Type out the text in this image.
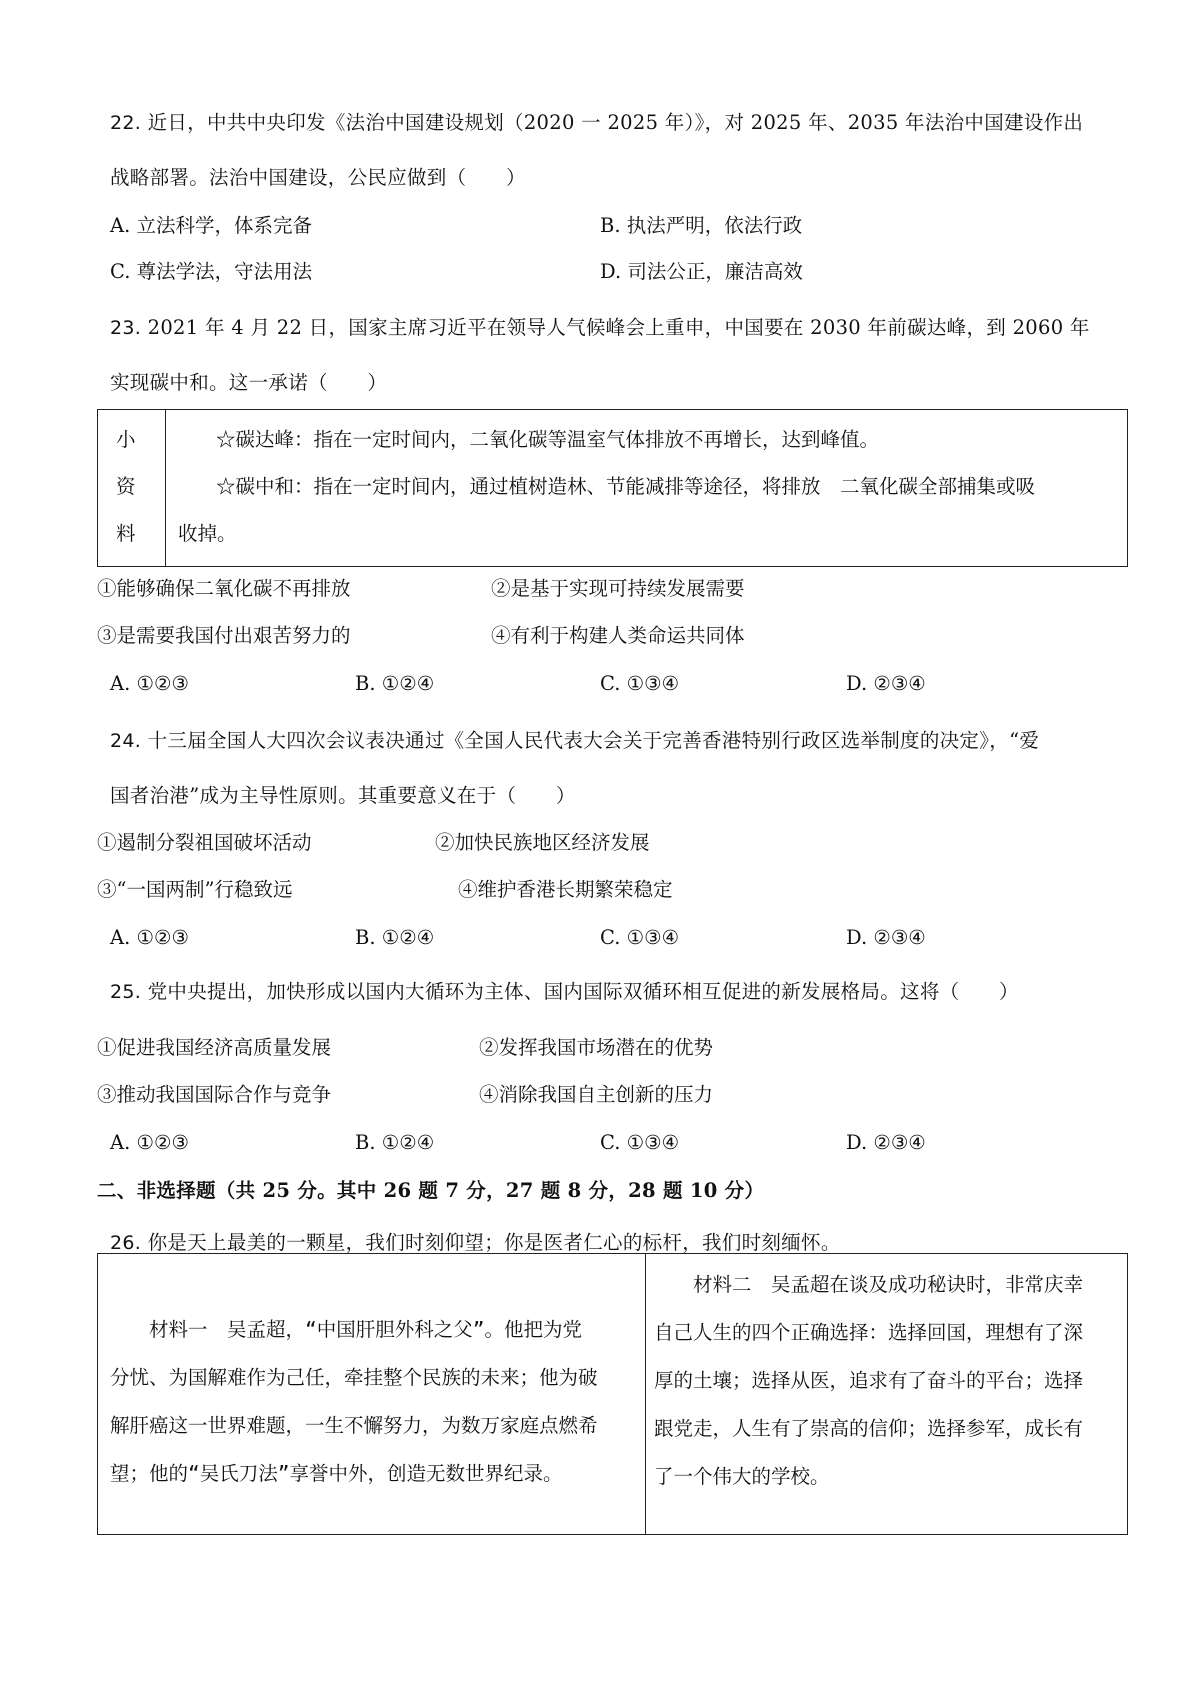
22. 近日，中共中央印发《法治中国建设规划（2020 一 2025 年）》，对 2025 年、2035 年法治中国建设作出
战略部署。法治中国建设，公民应做到（　　）
A. 立法科学，体系完备	B. 执法严明，依法行政
C. 尊法学法，守法用法	D. 司法公正，廉洁高效
23. 2021 年 4 月 22 日，国家主席习近平在领导人气候峰会上重申，中国要在 2030 年前碳达峰，到 2060 年
实现碳中和。这一承诺（　　）
小
资
料
☆碳达峰：指在一定时间内，二氧化碳等温室气体排放不再增长，达到峰值。
☆碳中和：指在一定时间内，通过植树造林、节能减排等途径，将排放　二氧化碳全部捕集或吸
收掉。
①能够确保二氧化碳不再排放	②是基于实现可持续发展需要
③是需要我国付出艰苦努力的	④有利于构建人类命运共同体
A. ①②③	B. ①②④	C. ①③④	D. ②③④
24. 十三届全国人大四次会议表决通过《全国人民代表大会关于完善香港特别行政区选举制度的决定》，“爱
国者治港”成为主导性原则。其重要意义在于（　　）
①遏制分裂祖国破坏活动	②加快民族地区经济发展
③“一国两制”行稳致远	④维护香港长期繁荣稳定
A. ①②③	B. ①②④	C. ①③④	D. ②③④
25. 党中央提出，加快形成以国内大循环为主体、国内国际双循环相互促进的新发展格局。这将（　　）
①促进我国经济高质量发展	②发挥我国市场潜在的优势
③推动我国国际合作与竞争	④消除我国自主创新的压力
A. ①②③	B. ①②④	C. ①③④	D. ②③④
二、非选择题（共 25 分。其中 26 题 7 分，27 题 8 分，28 题 10 分）
26. 你是天上最美的一颗星，我们时刻仰望；你是医者仁心的标杆，我们时刻缅怀。
　　材料一　吴孟超，“中国肝胆外科之父”。他把为党
分忧、为国解难作为己任，牵挂整个民族的未来；他为破
解肝癌这一世界难题，一生不懈努力，为数万家庭点燃希
望；他的“吴氏刀法”享誉中外，创造无数世界纪录。
　　材料二　吴孟超在谈及成功秘诀时，非常庆幸
自己人生的四个正确选择：选择回国，理想有了深
厚的土壤；选择从医，追求有了奋斗的平台；选择
跟党走，人生有了崇高的信仰；选择参军，成长有
了一个伟大的学校。
